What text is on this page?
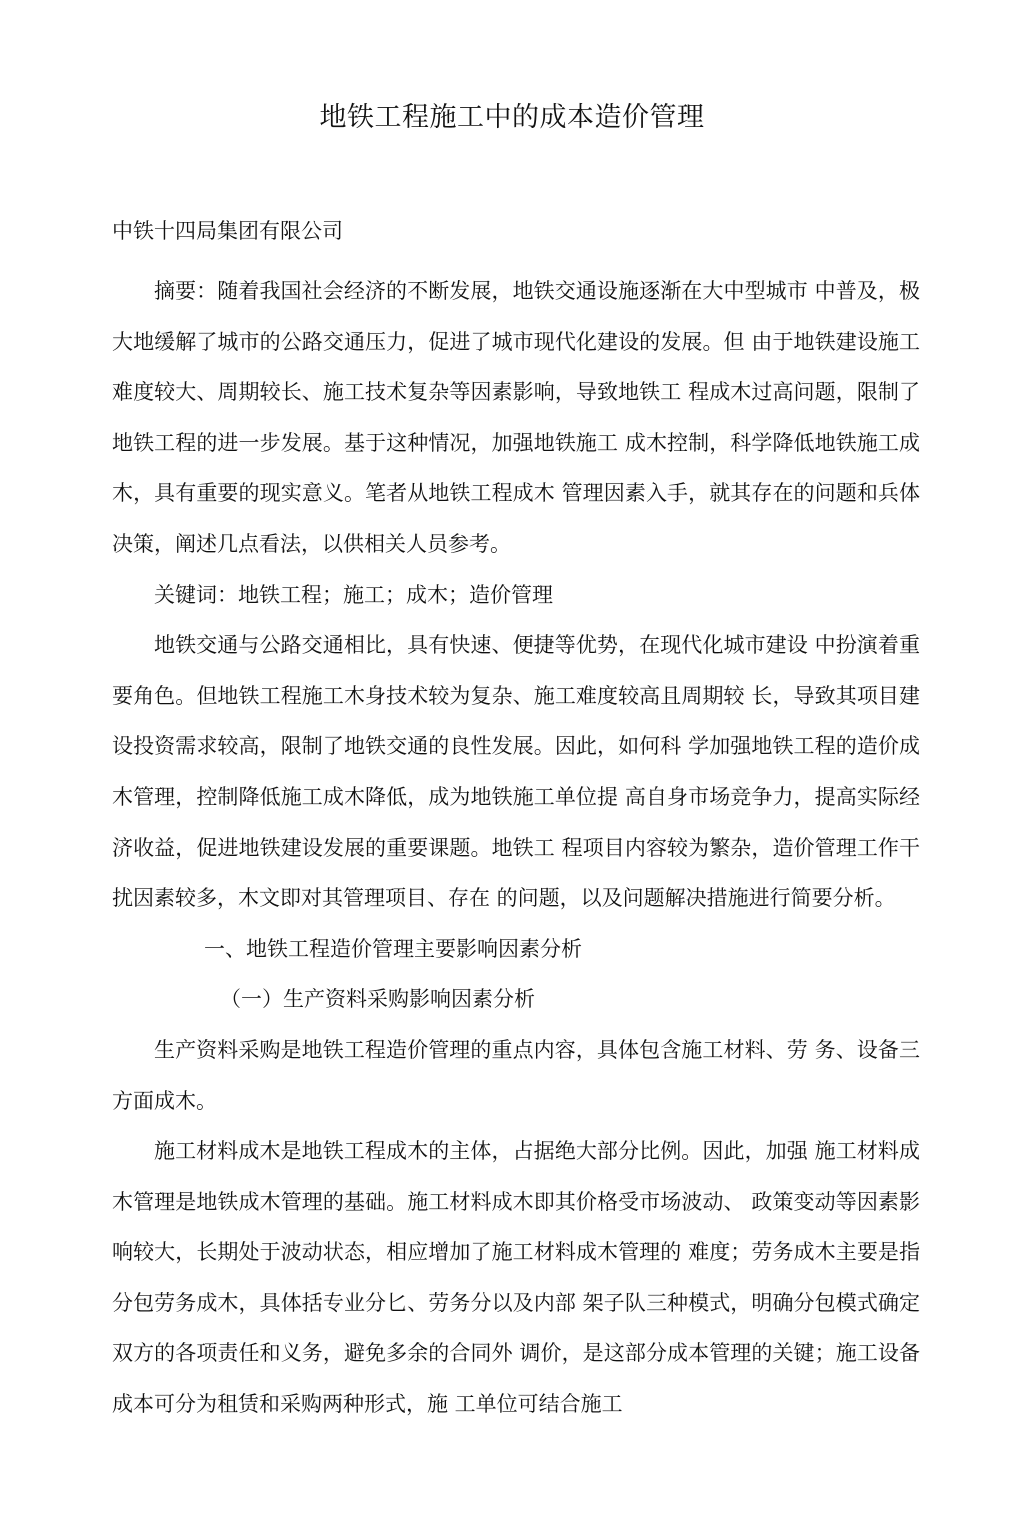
地铁工程施工中的成本造价管理

中铁十四局集团有限公司

摘要：随着我国社会经济的不断发展，地铁交通设施逐渐在大中型城市 中普及，极大地缓解了城市的公路交通压力，促进了城市现代化建设的发展。但 由于地铁建设施工难度较大、周期较长、施工技术复杂等因素影响，导致地铁工 程成木过高问题，限制了地铁工程的进一步发展。基于这种情况，加强地铁施工 成木控制，科学降低地铁施工成木，具有重要的现实意义。笔者从地铁工程成木 管理因素入手，就其存在的问题和兵体决策，阐述几点看法，以供相关人员参考。

关键词：地铁工程；施工；成木；造价管理

地铁交通与公路交通相比，具有快速、便捷等优势，在现代化城市建设 中扮演着重要角色。但地铁工程施工木身技术较为复杂、施工难度较高且周期较 长，导致其项目建设投资需求较高，限制了地铁交通的良性发展。因此，如何科 学加强地铁工程的造价成木管理，控制降低施工成木降低，成为地铁施工单位提 高自身市场竞争力，提高实际经济收益，促进地铁建设发展的重要课题。地铁工 程项目内容较为繁杂，造价管理工作干扰因素较多，木文即对其管理项目、存在 的问题，以及问题解决措施进行简要分析。

一、地铁工程造价管理主要影响因素分析

（一）生产资料采购影响因素分析

生产资料采购是地铁工程造价管理的重点内容，具体包含施工材料、劳 务、设备三方面成木。

施工材料成木是地铁工程成木的主体，占据绝大部分比例。因此，加强 施工材料成木管理是地铁成木管理的基础。施工材料成木即其价格受市场波动、 政策变动等因素影响较大，长期处于波动状态，相应增加了施工材料成木管理的 难度；劳务成木主要是指分包劳务成木，具体括专业分匕、劳务分以及内部 架子队三种模式，明确分包模式确定双方的各项责任和义务，避免多余的合同外 调价，是这部分成本管理的关键；施工设备成本可分为租赁和采购两种形式，施 工单位可结合施工
